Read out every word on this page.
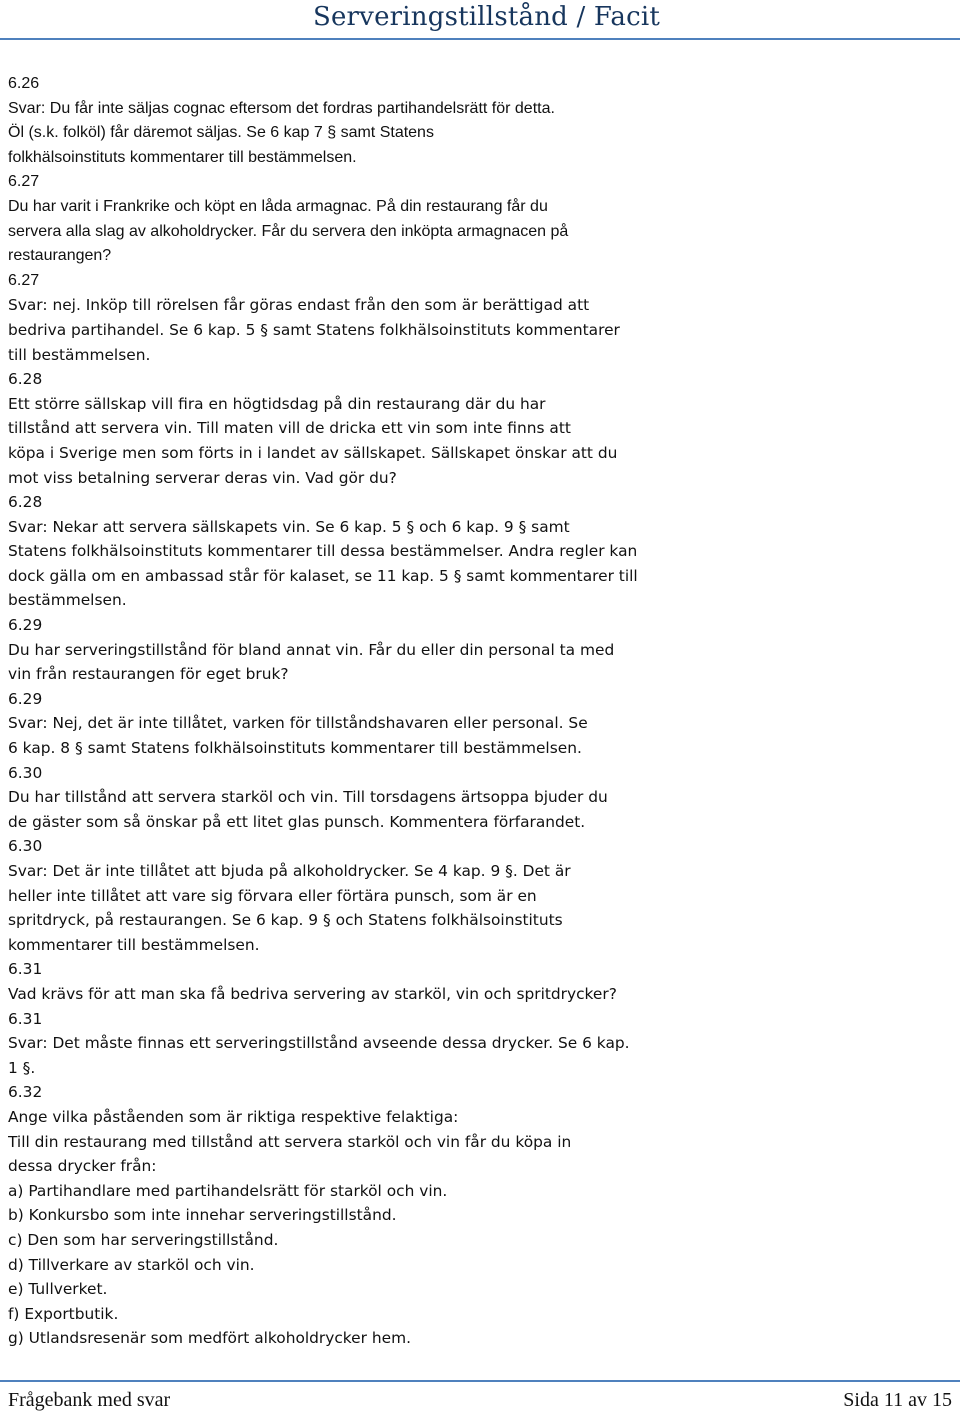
Serveringstillstånd / Facit
6.26
Svar: Du får inte säljas cognac eftersom det fordras partihandelsrätt för detta.
Öl (s.k. folköl) får däremot säljas. Se 6 kap 7 § samt Statens
folkhälsoinstituts kommentarer till bestämmelsen.
6.27
Du har varit i Frankrike och köpt en låda armagnac. På din restaurang får du
servera alla slag av alkoholdrycker. Får du servera den inköpta armagnacen på
restaurangen?
6.27
Svar: nej. Inköp till rörelsen får göras endast från den som är berättigad att
bedriva partihandel. Se 6 kap. 5 § samt Statens folkhälsoinstituts kommentarer
till bestämmelsen.
6.28
Ett större sällskap vill fira en högtidsdag på din restaurang där du har
tillstånd att servera vin. Till maten vill de dricka ett vin som inte finns att
köpa i Sverige men som förts in i landet av sällskapet. Sällskapet önskar att du
mot viss betalning serverar deras vin. Vad gör du?
6.28
Svar: Nekar att servera sällskapets vin. Se 6 kap. 5 § och 6 kap. 9 § samt
Statens folkhälsoinstituts kommentarer till dessa bestämmelser. Andra regler kan
dock gälla om en ambassad står för kalaset, se 11 kap. 5 § samt kommentarer till
bestämmelsen.
6.29
Du har serveringstillstånd för bland annat vin. Får du eller din personal ta med
vin från restaurangen för eget bruk?
6.29
Svar: Nej, det är inte tillåtet, varken för tillståndshavaren eller personal. Se
6 kap. 8 § samt Statens folkhälsoinstituts kommentarer till bestämmelsen.
6.30
Du har tillstånd att servera starköl och vin. Till torsdagens ärtsoppa bjuder du
de gäster som så önskar på ett litet glas punsch. Kommentera förfarandet.
6.30
Svar: Det är inte tillåtet att bjuda på alkoholdrycker. Se 4 kap. 9 §. Det är
heller inte tillåtet att vare sig förvara eller förtära punsch, som är en
spritdryck, på restaurangen. Se 6 kap. 9 § och Statens folkhälsoinstituts
kommentarer till bestämmelsen.
6.31
Vad krävs för att man ska få bedriva servering av starköl, vin och spritdrycker?
6.31
Svar: Det måste finnas ett serveringstillstånd avseende dessa drycker. Se 6 kap.
1 §.
6.32
Ange vilka påståenden som är riktiga respektive felaktiga:
Till din restaurang med tillstånd att servera starköl och vin får du köpa in
dessa drycker från:
a) Partihandlare med partihandelsrätt för starköl och vin.
b) Konkursbo som inte innehar serveringstillstånd.
c) Den som har serveringstillstånd.
d) Tillverkare av starköl och vin.
e) Tullverket.
f) Exportbutik.
g) Utlandsresenär som medfört alkoholdrycker hem.
Frågebank med svar	Sida 11 av 15
